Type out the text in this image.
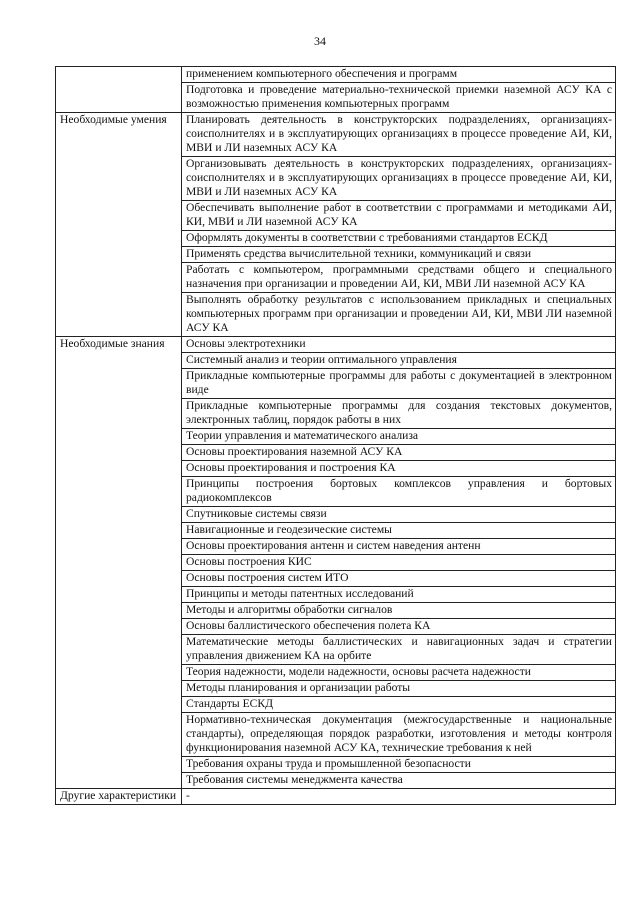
34
	применением компьютерного обеспечения и программ
	Подготовка и проведение материально-технической приемки наземной АСУ КА с возможностью применения компьютерных программ
Необходимые умения	Планировать деятельность в конструкторских подразделениях, организациях-соисполнителях и в эксплуатирующих организациях в процессе проведение АИ, КИ, МВИ и ЛИ наземных АСУ КА
	Организовывать деятельность в конструкторских подразделениях, организациях-соисполнителях и в эксплуатирующих организациях в процессе проведение АИ, КИ, МВИ и ЛИ наземных АСУ КА
	Обеспечивать выполнение работ в соответствии с программами и методиками АИ, КИ, МВИ и ЛИ наземной АСУ КА
	Оформлять документы в соответствии с требованиями стандартов ЕСКД
	Применять средства вычислительной техники, коммуникаций и связи
	Работать с компьютером, программными средствами общего и специального назначения при организации и проведении АИ, КИ, МВИ ЛИ наземной АСУ КА
	Выполнять обработку результатов с использованием прикладных и специальных компьютерных программ при организации и проведении АИ, КИ, МВИ ЛИ наземной АСУ КА
Необходимые знания	Основы электротехники
	Системный анализ и теории оптимального управления
	Прикладные компьютерные программы для работы с документацией в электронном виде
	Прикладные компьютерные программы для создания текстовых документов, электронных таблиц, порядок работы в них
	Теории управления и математического анализа
	Основы проектирования наземной АСУ КА
	Основы проектирования и построения КА
	Принципы построения бортовых комплексов управления и бортовых радиокомплексов
	Спутниковые системы связи
	Навигационные и геодезические системы
	Основы проектирования антенн и систем наведения антенн
	Основы построения КИС
	Основы построения систем ИТО
	Принципы и методы патентных исследований
	Методы и алгоритмы обработки сигналов
	Основы баллистического обеспечения полета КА
	Математические методы баллистических и навигационных задач и стратегии управления движением КА на орбите
	Теория надежности, модели надежности, основы расчета надежности
	Методы планирования и организации работы
	Стандарты ЕСКД
	Нормативно-техническая документация (межгосударственные и национальные стандарты), определяющая порядок разработки, изготовления и методы контроля функционирования наземной АСУ КА, технические требования к ней
	Требования охраны труда и промышленной безопасности
	Требования системы менеджмента качества
Другие характеристики	-
